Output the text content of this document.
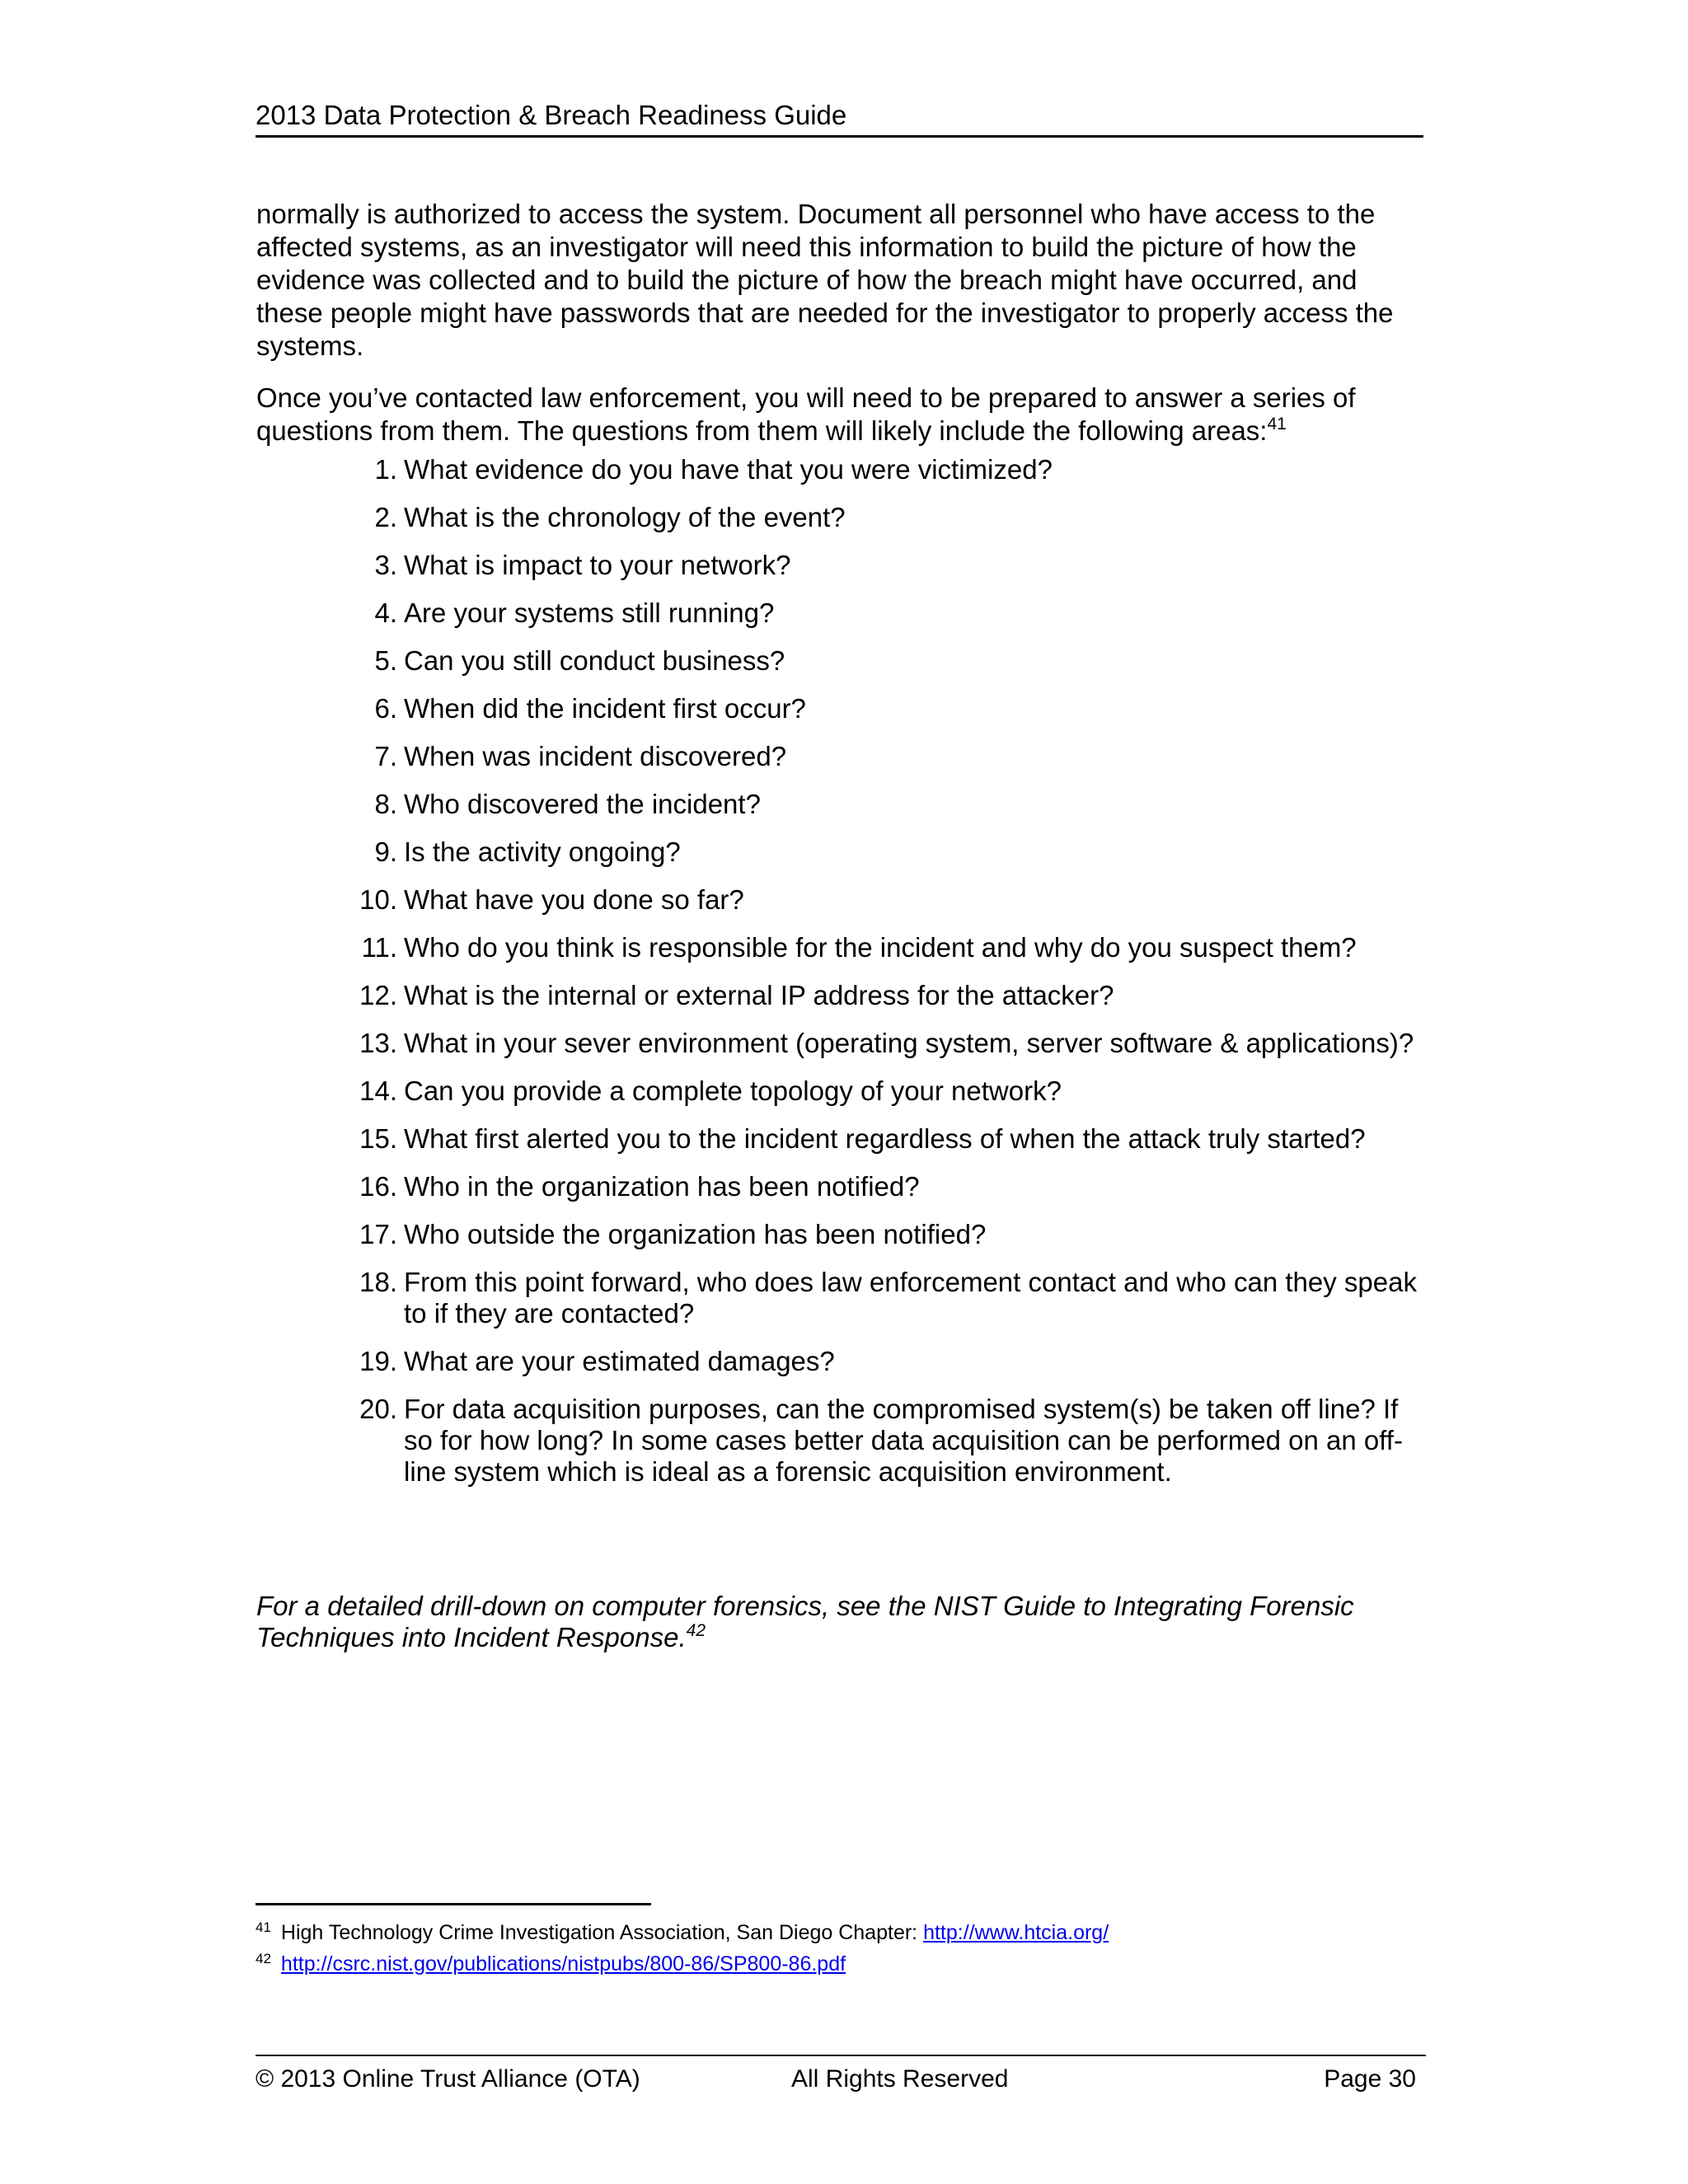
2013 Data Protection & Breach Readiness Guide

normally is authorized to access the system. Document all personnel who have access to the affected systems, as an investigator will need this information to build the picture of how the evidence was collected and to build the picture of how the breach might have occurred, and these people might have passwords that are needed for the investigator to properly access the systems.

Once you’ve contacted law enforcement, you will need to be prepared to answer a series of questions from them. The questions from them will likely include the following areas:$^{41}$

1. What evidence do you have that you were victimized?
2. What is the chronology of the event?
3. What is impact to your network?
4. Are your systems still running?
5. Can you still conduct business?
6. When did the incident first occur?
7. When was incident discovered?
8. Who discovered the incident?
9. Is the activity ongoing?
10. What have you done so far?
11. Who do you think is responsible for the incident and why do you suspect them?
12. What is the internal or external IP address for the attacker?
13. What in your sever environment (operating system, server software & applications)?
14. Can you provide a complete topology of your network?
15. What first alerted you to the incident regardless of when the attack truly started?
16. Who in the organization has been notified?
17. Who outside the organization has been notified?
18. From this point forward, who does law enforcement contact and who can they speak to if they are contacted?
19. What are your estimated damages?
20. For data acquisition purposes, can the compromised system(s) be taken off line? If so for how long? In some cases better data acquisition can be performed on an off-line system which is ideal as a forensic acquisition environment.

For a detailed drill-down on computer forensics, see the NIST Guide to Integrating Forensic Techniques into Incident Response.$^{42}$

$^{41}$ High Technology Crime Investigation Association, San Diego Chapter: http://www.htcia.org/
$^{42}$ http://csrc.nist.gov/publications/nistpubs/800-86/SP800-86.pdf
© 2013 Online Trust Alliance (OTA)	All Rights Reserved	Page 30
